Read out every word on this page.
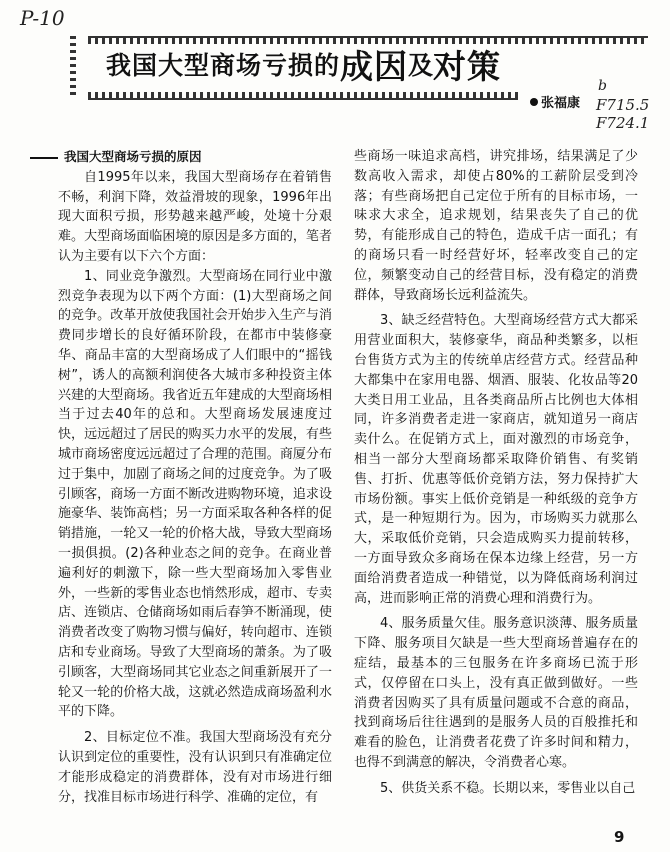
P-10
b
F715.5
F724.1
我国大型商场亏损的 成因 及 对策
张福康
我国大型商场亏损的原因

自1995年以来，我国大型商场存在着销售不畅，利润下降，效益滑坡的现象，1996年出现大面积亏损，形势越来越严峻，处境十分艰难。大型商场面临困境的原因是多方面的，笔者认为主要有以下六个方面：

1、同业竞争激烈。大型商场在同行业中激烈竞争表现为以下两个方面：(1)大型商场之间的竞争。改革开放使我国社会开始步入生产与消费同步增长的良好循环阶段，在都市中装修豪华、商品丰富的大型商场成了人们眼中的“摇钱树”，诱人的高额利润使各大城市多种投资主体兴建的大型商场。我省近五年建成的大型商场相当于过去40年的总和。大型商场发展速度过快，远远超过了居民的购买力水平的发展，有些城市商场密度远远超过了合理的范围。商厦分布过于集中，加剧了商场之间的过度竞争。为了吸引顾客，商场一方面不断改进购物环境，追求设施豪华、装饰高档；另一方面采取各种各样的促销措施，一轮又一轮的价格大战，导致大型商场一损俱损。(2)各种业态之间的竞争。在商业普遍利好的刺激下，除一些大型商场加入零售业外，一些新的零售业态也悄然形成，超市、专卖店、连锁店、仓储商场如雨后春笋不断涌现，使消费者改变了购物习惯与偏好，转向超市、连锁店和专业商场。导致了大型商场的萧条。为了吸引顾客，大型商场同其它业态之间重新展开了一轮又一轮的价格大战，这就必然造成商场盈利水平的下降。

2、目标定位不准。我国大型商场没有充分认识到定位的重要性，没有认识到只有准确定位才能形成稳定的消费群体，没有对市场进行细分，找准目标市场进行科学、准确的定位，有

些商场一味追求高档，讲究排场，结果满足了少数高收入需求，却使占80%的工薪阶层受到冷落；有些商场把自己定位于所有的目标市场，一味求大求全，追求规划，结果丧失了自己的优势，有能形成自己的特色，造成千店一面孔；有的商场只看一时经营好坏，轻率改变自己的定位，频繁变动自己的经营目标，没有稳定的消费群体，导致商场长远利益流失。

3、缺乏经营特色。大型商场经营方式大都采用营业面积大，装修豪华，商品种类繁多，以柜台售货方式为主的传统单店经营方式。经营品种大都集中在家用电器、烟酒、服装、化妆品等20大类日用工业品，且各类商品所占比例也大体相同，许多消费者走进一家商店，就知道另一商店卖什么。在促销方式上，面对激烈的市场竞争，相当一部分大型商场都采取降价销售、有奖销售、打折、优惠等低价竞销方法，努力保持扩大市场份额。事实上低价竞销是一种纸级的竞争方式，是一种短期行为。因为，市场购买力就那么大，采取低价竞销，只会造成购买力提前转移，一方面导致众多商场在保本边缘上经营，另一方面给消费者造成一种错觉，以为降低商场利润过高，进而影响正常的消费心理和消费行为。

4、服务质量欠佳。服务意识淡薄、服务质量下降、服务项目欠缺是一些大型商场普遍存在的症结，最基本的三包服务在许多商场已流于形式，仅停留在口头上，没有真正做到做好。一些消费者因购买了具有质量问题或不合意的商品，找到商场后往往遇到的是服务人员的百般推托和难看的脸色，让消费者花费了许多时间和精力，也得不到满意的解决，令消费者心寒。

5、供货关系不稳。长期以来，零售业以自己

9
